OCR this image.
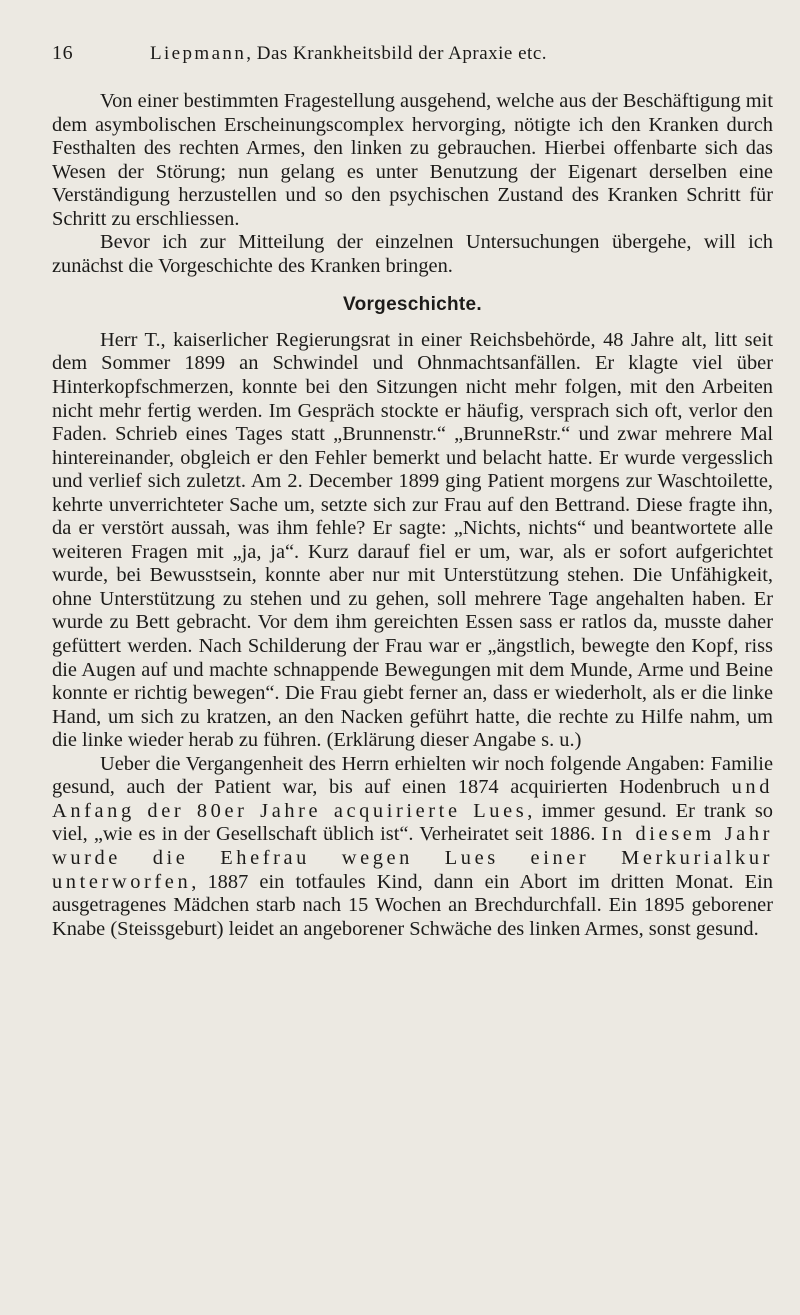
16	Liepmann, Das Krankheitsbild der Apraxie etc.

Von einer bestimmten Fragestellung ausgehend, welche aus der Beschäftigung mit dem asymbolischen Erscheinungscomplex hervorging, nötigte ich den Kranken durch Festhalten des rechten Armes, den linken zu gebrauchen. Hierbei offenbarte sich das Wesen der Störung; nun gelang es unter Benutzung der Eigenart derselben eine Verständigung herzustellen und so den psychischen Zustand des Kranken Schritt für Schritt zu erschliessen.

Bevor ich zur Mitteilung der einzelnen Untersuchungen übergehe, will ich zunächst die Vorgeschichte des Kranken bringen.

Vorgeschichte.

Herr T., kaiserlicher Regierungsrat in einer Reichsbehörde, 48 Jahre alt, litt seit dem Sommer 1899 an Schwindel und Ohnmachtsanfällen. Er klagte viel über Hinterkopfschmerzen, konnte bei den Sitzungen nicht mehr folgen, mit den Arbeiten nicht mehr fertig werden. Im Gespräch stockte er häufig, versprach sich oft, verlor den Faden. Schrieb eines Tages statt „Brunnenstr.“ „BrunneRstr.“ und zwar mehrere Mal hintereinander, obgleich er den Fehler bemerkt und belacht hatte. Er wurde vergesslich und verlief sich zuletzt. Am 2. December 1899 ging Patient morgens zur Waschtoilette, kehrte unverrichteter Sache um, setzte sich zur Frau auf den Bettrand. Diese fragte ihn, da er verstört aussah, was ihm fehle? Er sagte: „Nichts, nichts“ und beantwortete alle weiteren Fragen mit „ja, ja“. Kurz darauf fiel er um, war, als er sofort aufgerichtet wurde, bei Bewusstsein, konnte aber nur mit Unterstützung stehen. Die Unfähigkeit, ohne Unterstützung zu stehen und zu gehen, soll mehrere Tage angehalten haben. Er wurde zu Bett gebracht. Vor dem ihm gereichten Essen sass er ratlos da, musste daher gefüttert werden. Nach Schilderung der Frau war er „ängstlich, bewegte den Kopf, riss die Augen auf und machte schnappende Bewegungen mit dem Munde, Arme und Beine konnte er richtig bewegen“. Die Frau giebt ferner an, dass er wiederholt, als er die linke Hand, um sich zu kratzen, an den Nacken geführt hatte, die rechte zu Hilfe nahm, um die linke wieder herab zu führen. (Erklärung dieser Angabe s. u.)

Ueber die Vergangenheit des Herrn erhielten wir noch folgende Angaben: Familie gesund, auch der Patient war, bis auf einen 1874 acquirierten Hodenbruch und Anfang der 80er Jahre acquirierte Lues, immer gesund. Er trank so viel, „wie es in der Gesellschaft üblich ist“. Verheiratet seit 1886. In diesem Jahr wurde die Ehefrau wegen Lues einer Merkurialkur unterworfen, 1887 ein totfaules Kind, dann ein Abort im dritten Monat. Ein ausgetragenes Mädchen starb nach 15 Wochen an Brechdurchfall. Ein 1895 geborener Knabe (Steissgeburt) leidet an angeborener Schwäche des linken Armes, sonst gesund.
